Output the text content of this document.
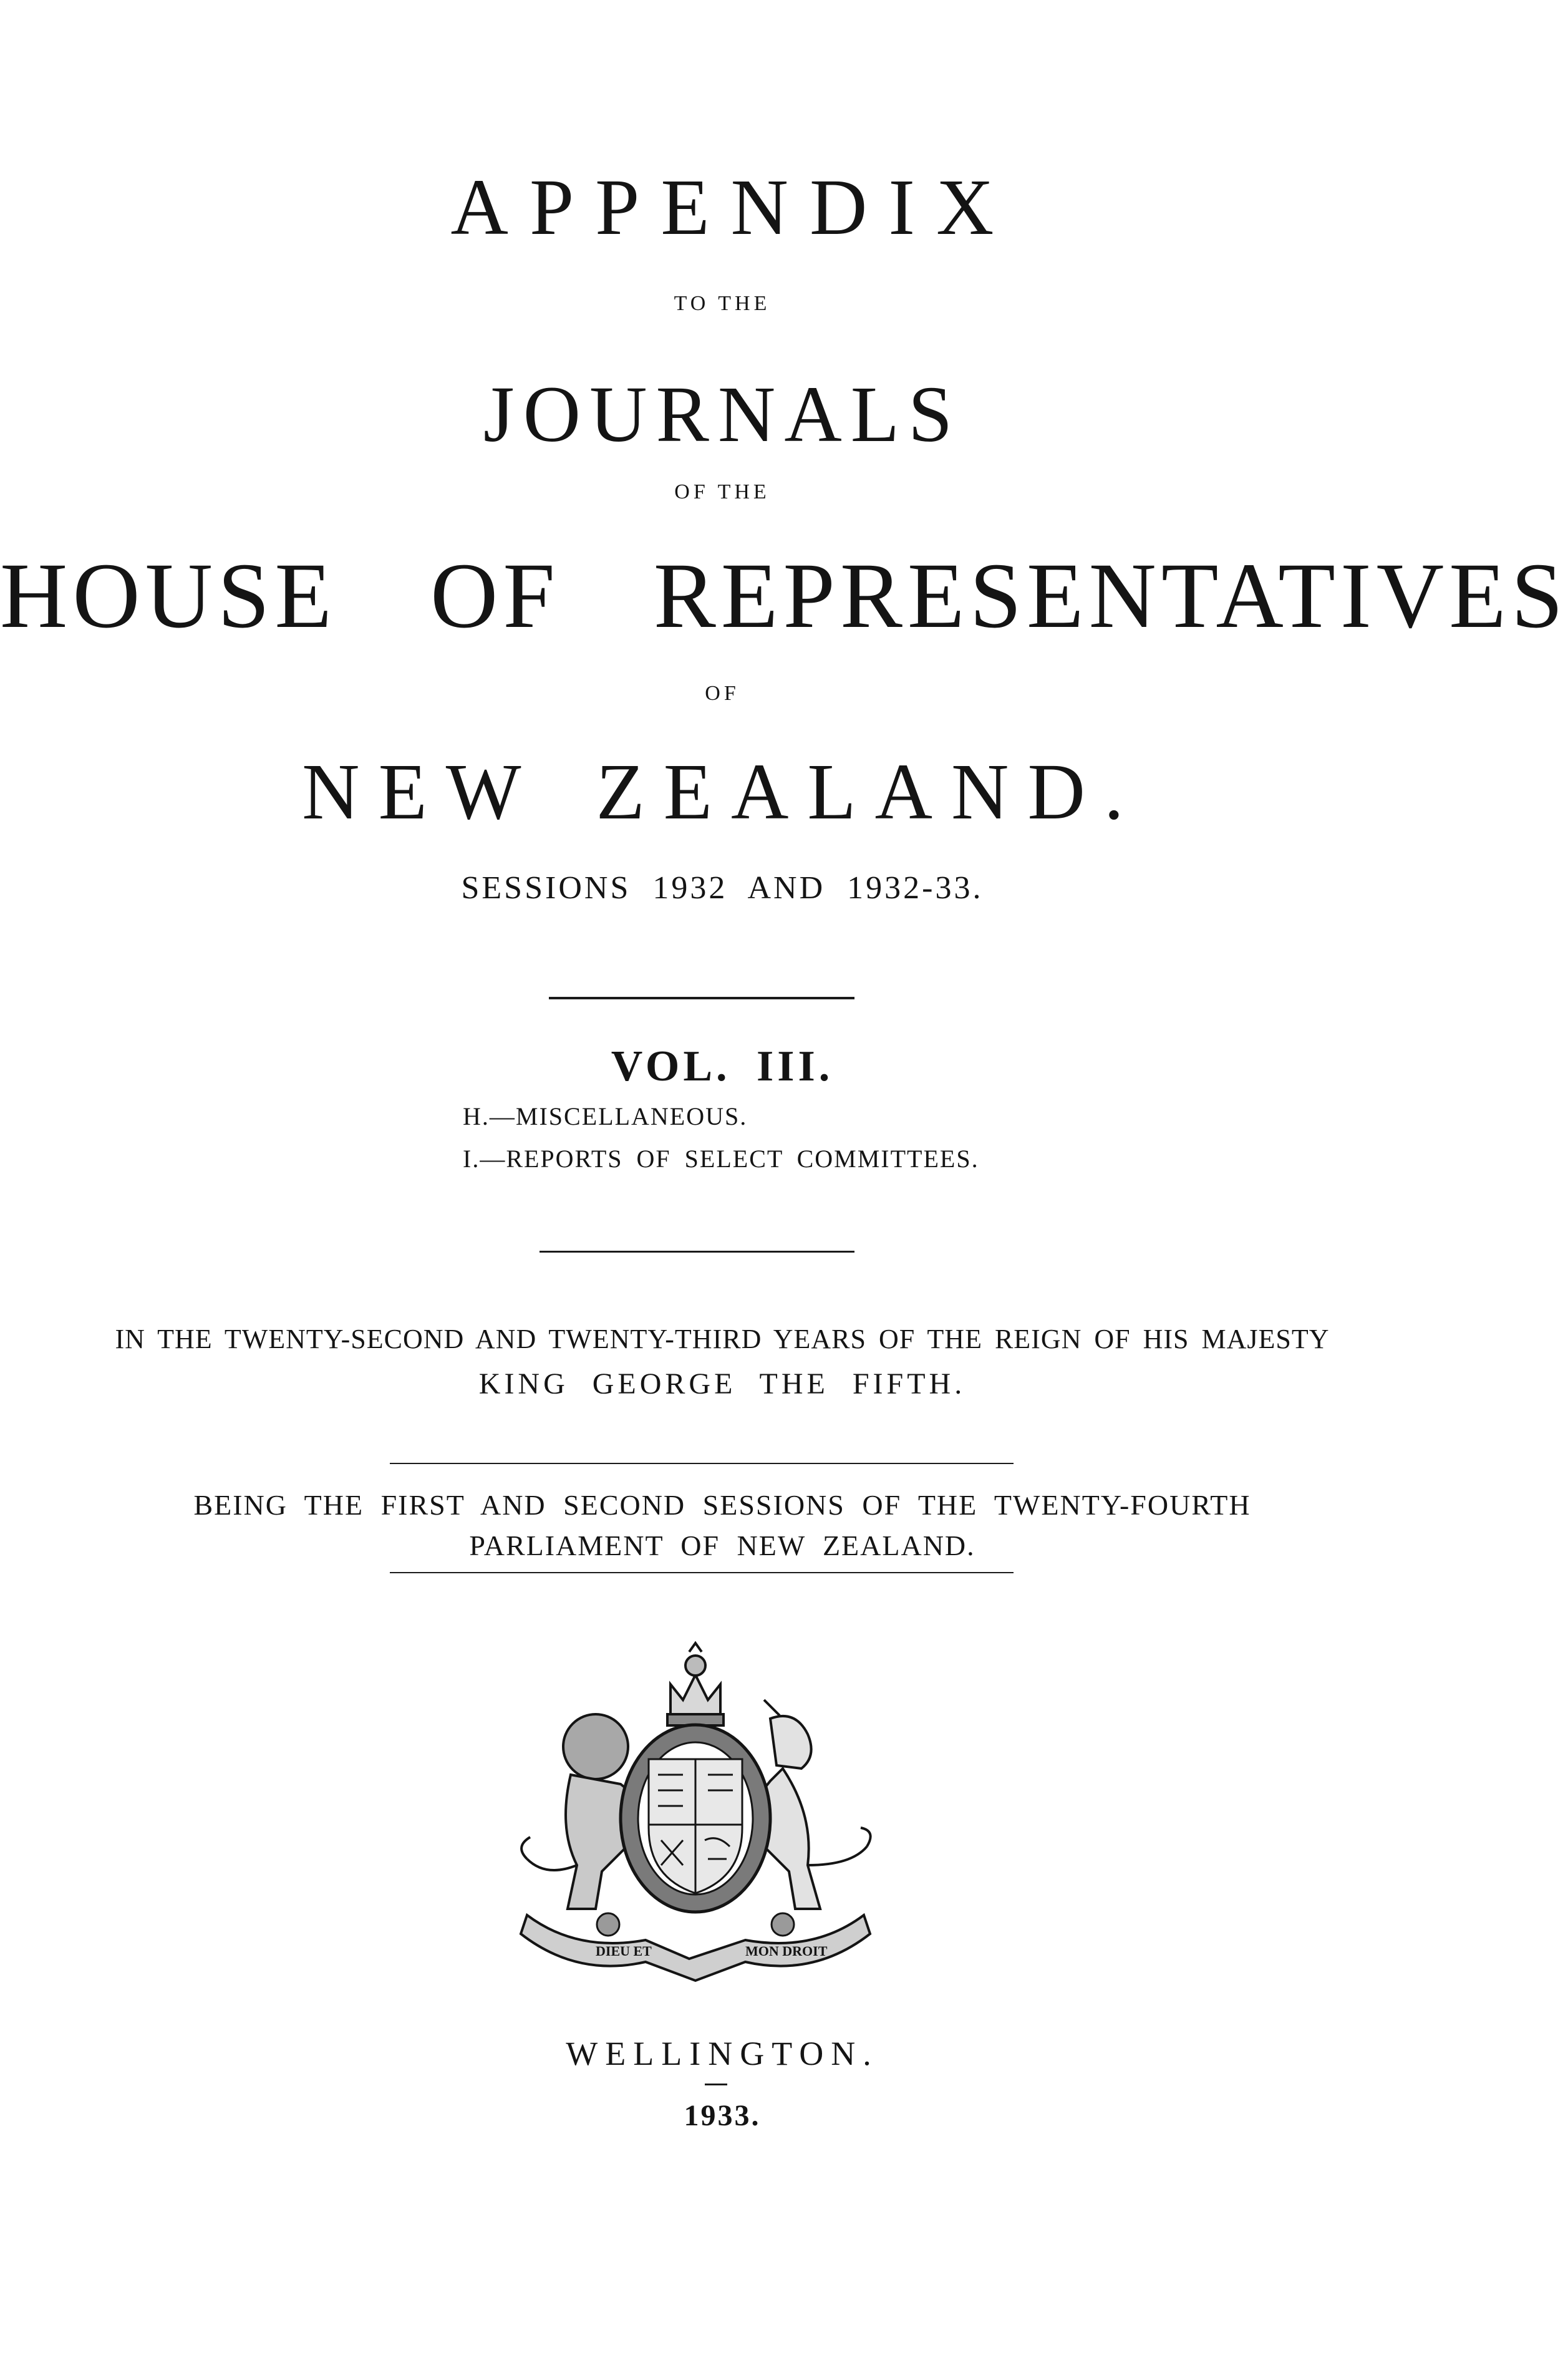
APPENDIX
TO THE
JOURNALS
OF THE
HOUSE OF REPRESENTATIVES
OF
NEW ZEALAND.
SESSIONS 1932 AND 1932-33.
VOL. III.
H.—MISCELLANEOUS.
I.—REPORTS OF SELECT COMMITTEES.
IN THE TWENTY-SECOND AND TWENTY-THIRD YEARS OF THE REIGN OF HIS MAJESTY
KING GEORGE THE FIFTH.
BEING THE FIRST AND SECOND SESSIONS OF THE TWENTY-FOURTH
PARLIAMENT OF NEW ZEALAND.
DIEU ET	MON DROIT
WELLINGTON.
1933.
